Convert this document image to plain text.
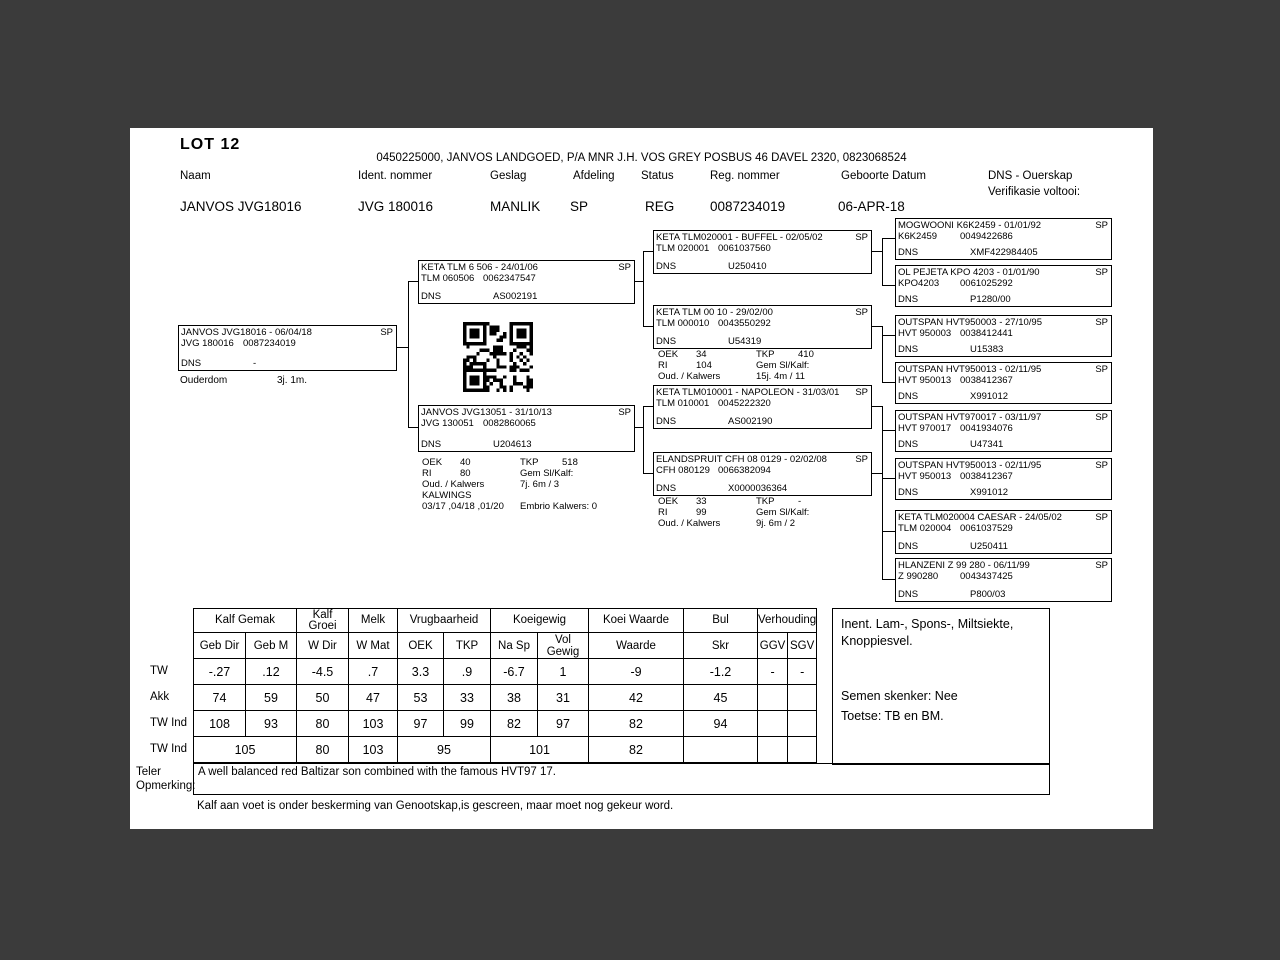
LOT 12
0450225000, JANVOS LANDGOED, P/A MNR J.H. VOS GREY POSBUS 46 DAVEL 2320, 0823068524
Naam	Ident. nommer	Geslag	Afdeling Status	Reg. nommer	Geboorte Datum	DNS - Ouerskap
Verifikasie voltooi:
JANVOS JVG18016	JVG 180016	MANLIK SP	REG	0087234019	06-APR-18
JANVOS JVG18016 - 06/04/18	SP
JVG 180016 0087234019
DNS	-
Ouderdom	3j. 1m.
KETA TLM 6 506 - 24/01/06	SP
TLM 060506 0062347547
DNS	AS002191
JANVOS JVG13051 - 31/10/13	SP
JVG 130051 0082860065
DNS	U204613
OEK 40	TKP 518
RI	80	Gem Sl/Kalf:
Oud. / Kalwers	7j. 6m / 3
KALWINGS
03/17 ,04/18 ,01/20 Embrio Kalwers: 0
KETA TLM020001 - BUFFEL - 02/05/02	SP
TLM 020001 0061037560
DNS	U250410
KETA TLM 00 10 - 29/02/00	SP
TLM 000010 0043550292
DNS	U54319
OEK 34	TKP 410
RI	104	Gem Sl/Kalf:
Oud. / Kalwers	15j. 4m / 11
KETA TLM010001 - NAPOLEON - 31/03/01 SP
TLM 010001 0045222320
DNS	AS002190
ELANDSPRUIT CFH 08 0129 - 02/02/08	SP
CFH 080129 0066382094
DNS	X0000036364
OEK 33	TKP -
RI	99	Gem Sl/Kalf:
Oud. / Kalwers	9j. 6m / 2
MOGWOONI K6K2459 - 01/01/92	SP
K6K2459 0049422686
DNS	XMF422984405
OL PEJETA KPO 4203 - 01/01/90	SP
KPO4203 0061025292
DNS	P1280/00
OUTSPAN HVT950003 - 27/10/95	SP
HVT 950003 0038412441
DNS	U15383
OUTSPAN HVT950013 - 02/11/95	SP
HVT 950013 0038412367
DNS	X991012
OUTSPAN HVT970017 - 03/11/97	SP
HVT 970017 0041934076
DNS	U47341
OUTSPAN HVT950013 - 02/11/95	SP
HVT 950013 0038412367
DNS	X991012
KETA TLM020004 CAESAR - 24/05/02	SP
TLM 020004 0061037529
DNS	U250411
HLANZENI Z 99 280 - 06/11/99	SP
Z 990280 0043437425
DNS	P800/03
TW
Akk
TW Ind
TW Ind
Kalf Gemak		Kalf Groei	Melk	Vrugbaarheid		Koeigewig		Koei Waarde	Bul	Verhouding	
Geb Dir	Geb M	W Dir	W Mat	OEK	TKP	Na Sp	Vol Gewig	Waarde	Skr	GGV	SGV
-.27	.12	-4.5	.7	3.3	.9	-6.7	1	-9	-1.2	-	-
74	59	50	47	53	33	38	31	42	45		
108	93	80	103	97	99	82	97	82	94		
105		80	103	95		101		82			
Inent. Lam-, Spons-, Miltsiekte,
Knoppiesvel.
Semen skenker: Nee
Toetse: TB en BM.
Teler
Opmerking:
A well balanced red Baltizar son combined with the famous HVT97 17.
Kalf aan voet is onder beskerming van Genootskap,is gescreen, maar moet nog gekeur word.
